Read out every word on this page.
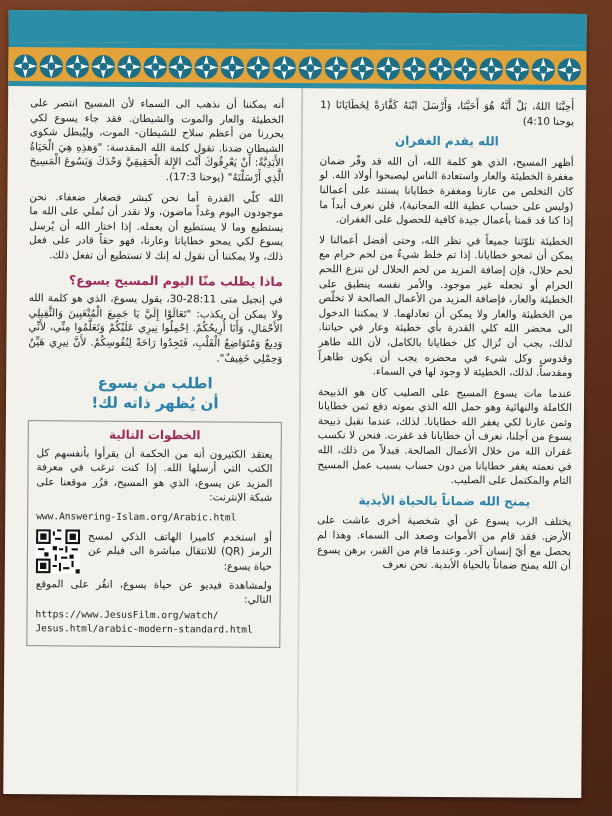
أنه يمكننا أن نذهب الى السماء لأن المسيح انتصر على الخطيئة والعار والموت والشيطان. فقد جاء يسوع لكي يحررنا من أعظم سلاح للشيطان- الموت، ولِيُبطل شكوى الشيطان ضدنا. تقول كلمة الله المقدسة: "وَهذِهِ هِيَ الْحَيَاةُ الأَبَدِيَّةُ: أَنْ يَعْرِفُوكَ أَنْتَ الإِلهَ الْحَقِيقِيَّ وَحْدَكَ وَيَسُوعَ الْمَسِيحَ الَّذِي أَرْسَلْتَهُ" (يوحنا 17:3).

الله كلّي القدرة أما نحن كبشر فصغار ضعفاء. نحن موجودون اليوم وغداً ماضون، ولا نقدر أن نُملي على الله ما يستطيع وما لا يستطيع أن يعمله. إذا اختار الله أن يُرسل يسوع لكي يمحو خطايانا وعارنا، فهو حقاً قادر على فعل ذلك، ولا يمكننا أن نقول له إنك لا تستطيع أن تفعل ذلك.

ماذا يطلب منّا اليوم المسيح يسوع؟

في إنجيل متى 28:11-30، يقول يسوع، الذي هو كلمة الله ولا يمكن أن يكذب: "تَعَالَوْا إِلَيَّ يَا جَمِيعَ الْمُتْعَبِينَ وَالثَّقِيلِي الأَحْمَالِ، وَأَنَا أُرِيحُكُمْ. اِحْمِلُوا نِيرِي عَلَيْكُمْ وَتَعَلَّمُوا مِنِّي، لأَنِّي وَدِيعٌ وَمُتَوَاضِعُ الْقَلْبِ، فَتَجِدُوا رَاحَةً لِنُفُوسِكُمْ. لأَنَّ نِيرِي هَيِّنٌ وَحِمْلِي خَفِيفٌ".

اطلب من يسوع
أن يُظهر ذاته لك!
الخطوات التالية

يعتقد الكثيرون أنه من الحكمة أن يقرأوا بأنفسهم كل الكتب التي أرسلها الله. إذا كنت ترغب في معرفة المزيد عن يسوع، الذي هو المسيح، فزُر موقعنا على شبكة الإنترنت:

www.Answering-Islam.org/Arabic.html

أو استخدم كاميرا الهاتف الذكي لمسح الرمز (QR) للانتقال مباشرة الى فيلم عن حياة يسوع:

ولمشاهدة فيديو عن حياة يسوع، انقُر على الموقع التالي:

https://www.JesusFilm.org/watch/
Jesus.html/arabic-modern-standard.html

أَحِبَّنَا اللهُ، بَلْ أَنَّهُ هُوَ أَحَبَّنَا، وَأَرْسَلَ ابْنَهُ كَفَّارَةً لِخَطَايَانَا (1 يوحنا 4:10)

الله يقدم الغفران

أظهر المسيح، الذي هو كلمة الله، أن الله قد وفّر ضمان مغفرة الخطيئة والعار واستعادة الناس ليصبحوا أولاد الله. لو كان التخلص من عارنا ومغفرة خطايانا يستند على أعمالنا (وليس على حساب عطية الله المجانية)، فلن نعرف أبداً ما إذا كنا قد قمنا بأعمال جيدة كافية للحصول على الغفران.

الخطيئة تلوّثنا جميعاً في نظر الله، وحتى أفضل أعمالنا لا يمكن أن تمحو خطايانا. إذا تم خلط شيءٌ من لحم حرام مع لحم حلال، فإن إضافة المزيد من لحم الحلال لن تنزع اللحم الحرام أو تجعله غير موجود. والأمر نفسه ينطبق على الخطيئة والعار، فإضافة المزيد من الأعمال الصالحة لا تخلّص من الخطيئة والعار ولا يمكن أن تعادلهما. لا يمكننا الدخول الى محضر الله كلي القدرة بأي خطيئة وعار في حياتنا. لذلك، يجب أن تُزال كل خطايانا بالكامل، لأن الله طاهر وقدوس وكل شيء في محضره يجب أن يكون طاهراً ومقدساً. لذلك، الخطيئة لا وجود لها في السماء.

عندما مات يسوع المسيح على الصليب كان هو الذبيحة الكاملة والنهائية وهو حمل الله الذي بموته دفع ثمن خطايانا وثمن عارنا لكي يغفر الله خطايانا. لذلك، عندما نقبل ذبيحة يسوع من أجلنا، نعرف أن خطايانا قد غفرت. فنحن لا نكسب غفران الله من خلال الأعمال الصالحة. فبدلاً من ذلك، الله في نعمته يغفر خطايانا من دون حساب بسبب عمل المسيح التام والمكتمل على الصليب.

يمنح الله ضماناً بالحياة الأبدية

يختلف الرب يسوع عن أي شخصية أخرى عاشت على الأرض. فقد قام من الأموات وصعد الى السماء. وهذا لم يحصل مع أيّ إنسان آخر. وعندما قام من القبر، برهن يسوع أن الله يمنح ضماناً بالحياة الأبدية. نحن نعرف
